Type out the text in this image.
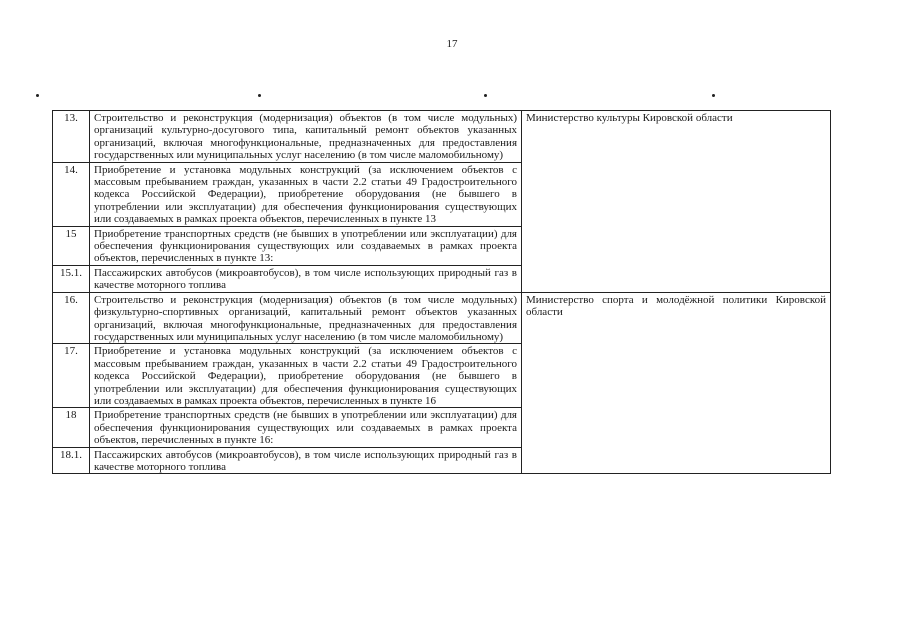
17
13.	Строительство и реконструкция (модернизация) объектов (в том числе модульных) организаций культурно-досугового типа, капитальный ремонт объектов указанных организаций, включая многофункциональные, предназначенных для предоставления государственных или муниципальных услуг населению (в том числе маломобильному)	Министерство культуры Кировской области
14.	Приобретение и установка модульных конструкций (за исключением объектов с массовым пребыванием граждан, указанных в части 2.2 статьи 49 Градостроительного кодекса Российской Федерации), приобретение оборудования (не бывшего в употреблении или эксплуатации) для обеспечения функционирования существующих или создаваемых в рамках проекта объектов, перечисленных в пункте 13	
15	Приобретение транспортных средств (не бывших в употреблении или эксплуатации) для обеспечения функционирования существующих или создаваемых в рамках проекта объектов, перечисленных в пункте 13:	
15.1.	Пассажирских автобусов (микроавтобусов), в том числе использующих природный газ в качестве моторного топлива	
16.	Строительство и реконструкция (модернизация) объектов (в том числе модульных) физкультурно-спортивных организаций, капитальный ремонт объектов указанных организаций, включая многофункциональные, предназначенных для предоставления государственных или муниципальных услуг населению (в том числе маломобильному)	Министерство спорта и молодёжной политики Кировской области
17.	Приобретение и установка модульных конструкций (за исключением объектов с массовым пребыванием граждан, указанных в части 2.2 статьи 49 Градостроительного кодекса Российской Федерации), приобретение оборудования (не бывшего в употреблении или эксплуатации) для обеспечения функционирования существующих или создаваемых в рамках проекта объектов, перечисленных в пункте 16	
18	Приобретение транспортных средств (не бывших в употреблении или эксплуатации) для обеспечения функционирования существующих или создаваемых в рамках проекта объектов, перечисленных в пункте 16:	
18.1.	Пассажирских автобусов (микроавтобусов), в том числе использующих природный газ в качестве моторного топлива	
